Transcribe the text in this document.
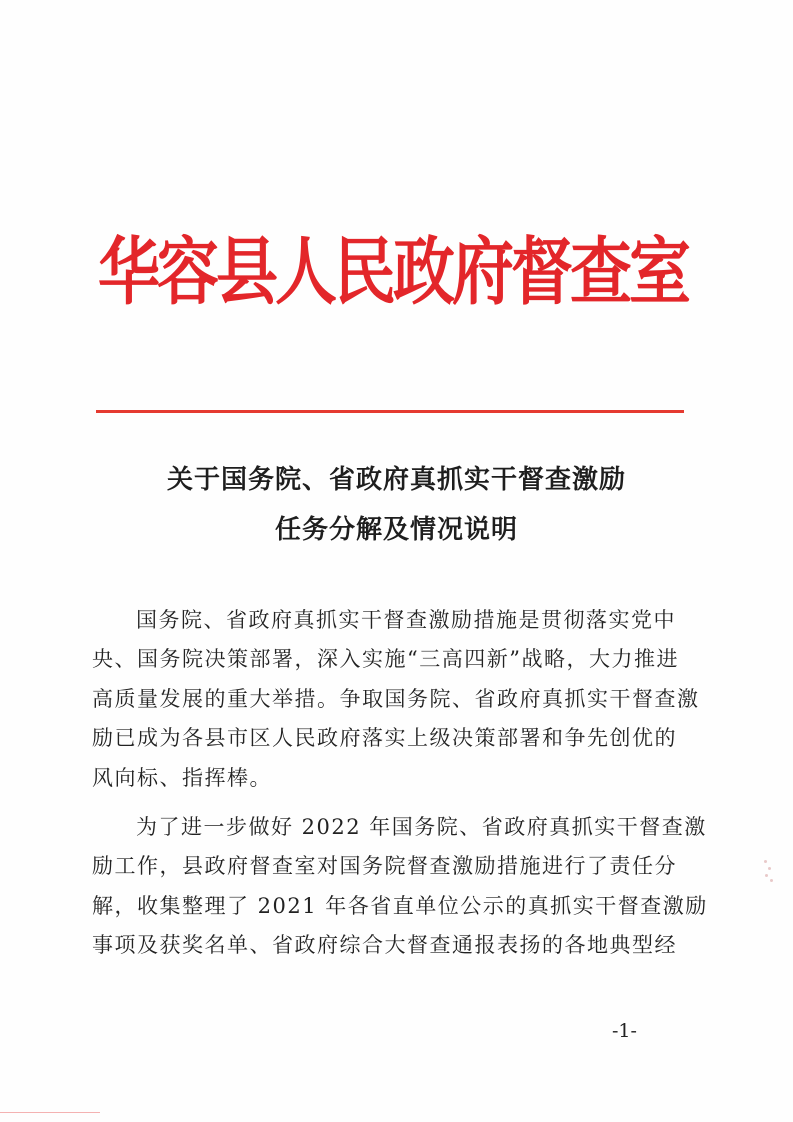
华容县人民政府督查室
关于国务院、省政府真抓实干督查激励
任务分解及情况说明
国务院、省政府真抓实干督查激励措施是贯彻落实党中
央、国务院决策部署，深入实施“三高四新”战略，大力推进
高质量发展的重大举措。争取国务院、省政府真抓实干督查激
励已成为各县市区人民政府落实上级决策部署和争先创优的
风向标、指挥棒。
为了进一步做好 2022 年国务院、省政府真抓实干督查激
励工作，县政府督查室对国务院督查激励措施进行了责任分
解，收集整理了 2021 年各省直单位公示的真抓实干督查激励
事项及获奖名单、省政府综合大督查通报表扬的各地典型经
-1-
